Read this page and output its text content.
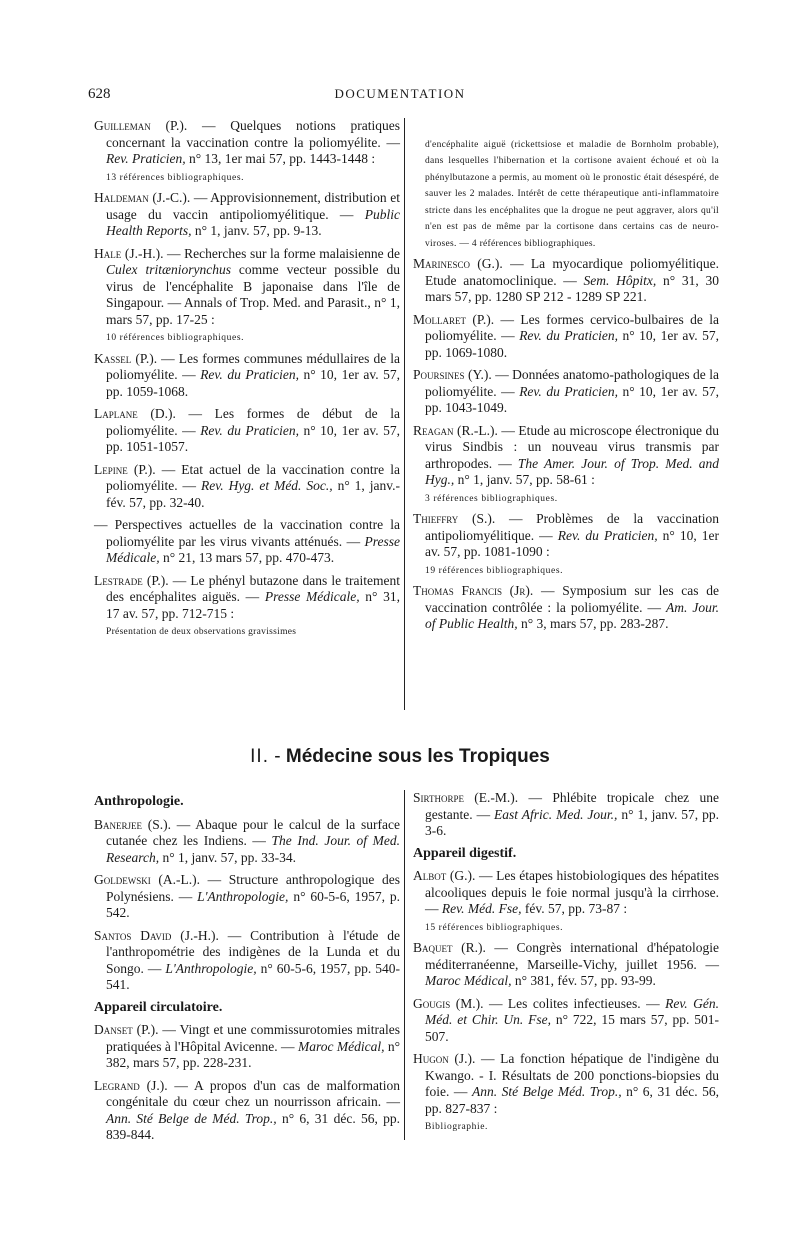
628	DOCUMENTATION

Guilleman (P.). — Quelques notions pratiques concernant la vaccination contre la poliomyélite. — Rev. Praticien, n° 13, 1er mai 57, pp. 1443-1448 :
13 références bibliographiques.

Haldeman (J.-C.). — Approvisionnement, distribution et usage du vaccin antipoliomyélitique. — Public Health Reports, n° 1, janv. 57, pp. 9-13.

Hale (J.-H.). — Recherches sur la forme malaisienne de Culex tritæniorynchus comme vecteur possible du virus de l'encéphalite B japonaise dans l'île de Singapour. — Annals of Trop. Med. and Parasit., n° 1, mars 57, pp. 17-25 :
10 références bibliographiques.

Kassel (P.). — Les formes communes médullaires de la poliomyélite. — Rev. du Praticien, n° 10, 1er av. 57, pp. 1059-1068.

Laplane (D.). — Les formes de début de la poliomyélite. — Rev. du Praticien, n° 10, 1er av. 57, pp. 1051-1057.

Lepine (P.). — Etat actuel de la vaccination contre la poliomyélite. — Rev. Hyg. et Méd. Soc., n° 1, janv.-fév. 57, pp. 32-40.

— Perspectives actuelles de la vaccination contre la poliomyélite par les virus vivants atténués. — Presse Médicale, n° 21, 13 mars 57, pp. 470-473.

Lestrade (P.). — Le phényl butazone dans le traitement des encéphalites aiguës. — Presse Médicale, n° 31, 17 av. 57, pp. 712-715 :
Présentation de deux observations gravissimes

d'encéphalite aiguë (rickettsiose et maladie de Bornholm probable), dans lesquelles l'hibernation et la cortisone avaient échoué et où la phénylbutazone a permis, au moment où le pronostic était désespéré, de sauver les 2 malades. Intérêt de cette thérapeutique anti-inflammatoire stricte dans les encéphalites que la drogue ne peut aggraver, alors qu'il n'en est pas de même par la cortisone dans certains cas de neuro-viroses. — 4 références bibliographiques.

Marinesco (G.). — La myocardique poliomyélitique. Etude anatomoclinique. — Sem. Hôpitx, n° 31, 30 mars 57, pp. 1280 SP 212 - 1289 SP 221.

Mollaret (P.). — Les formes cervico-bulbaires de la poliomyélite. — Rev. du Praticien, n° 10, 1er av. 57, pp. 1069-1080.

Poursines (Y.). — Données anatomo-pathologiques de la poliomyélite. — Rev. du Praticien, n° 10, 1er av. 57, pp. 1043-1049.

Reagan (R.-L.). — Etude au microscope électronique du virus Sindbis : un nouveau virus transmis par arthropodes. — The Amer. Jour. of Trop. Med. and Hyg., n° 1, janv. 57, pp. 58-61 :
3 références bibliographiques.

Thieffry (S.). — Problèmes de la vaccination antipoliomyélitique. — Rev. du Praticien, n° 10, 1er av. 57, pp. 1081-1090 :
19 références bibliographiques.

Thomas Francis (Jr). — Symposium sur les cas de vaccination contrôlée : la poliomyélite. — Am. Jour. of Public Health, n° 3, mars 57, pp. 283-287.

II. - Médecine sous les Tropiques
Anthropologie.

Banerjee (S.). — Abaque pour le calcul de la surface cutanée chez les Indiens. — The Ind. Jour. of Med. Research, n° 1, janv. 57, pp. 33-34.

Goldewski (A.-L.). — Structure anthropologique des Polynésiens. — L'Anthropologie, n° 60-5-6, 1957, p. 542.

Santos David (J.-H.). — Contribution à l'étude de l'anthropométrie des indigènes de la Lunda et du Songo. — L'Anthropologie, n° 60-5-6, 1957, pp. 540-541.

Appareil circulatoire.

Danset (P.). — Vingt et une commissurotomies mitrales pratiquées à l'Hôpital Avicenne. — Maroc Médical, n° 382, mars 57, pp. 228-231.

Legrand (J.). — A propos d'un cas de malformation congénitale du cœur chez un nourrisson africain. — Ann. Sté Belge de Méd. Trop., n° 6, 31 déc. 56, pp. 839-844.

Sirthorpe (E.-M.). — Phlébite tropicale chez une gestante. — East Afric. Med. Jour., n° 1, janv. 57, pp. 3-6.

Appareil digestif.

Albot (G.). — Les étapes histobiologiques des hépatites alcooliques depuis le foie normal jusqu'à la cirrhose. — Rev. Méd. Fse, fév. 57, pp. 73-87 :
15 références bibliographiques.

Baquet (R.). — Congrès international d'hépatologie méditerranéenne, Marseille-Vichy, juillet 1956. — Maroc Médical, n° 381, fév. 57, pp. 93-99.

Gougis (M.). — Les colites infectieuses. — Rev. Gén. Méd. et Chir. Un. Fse, n° 722, 15 mars 57, pp. 501-507.

Hugon (J.). — La fonction hépatique de l'indigène du Kwango. - I. Résultats de 200 ponctions-biopsies du foie. — Ann. Sté Belge Méd. Trop., n° 6, 31 déc. 56, pp. 827-837 :
Bibliographie.
